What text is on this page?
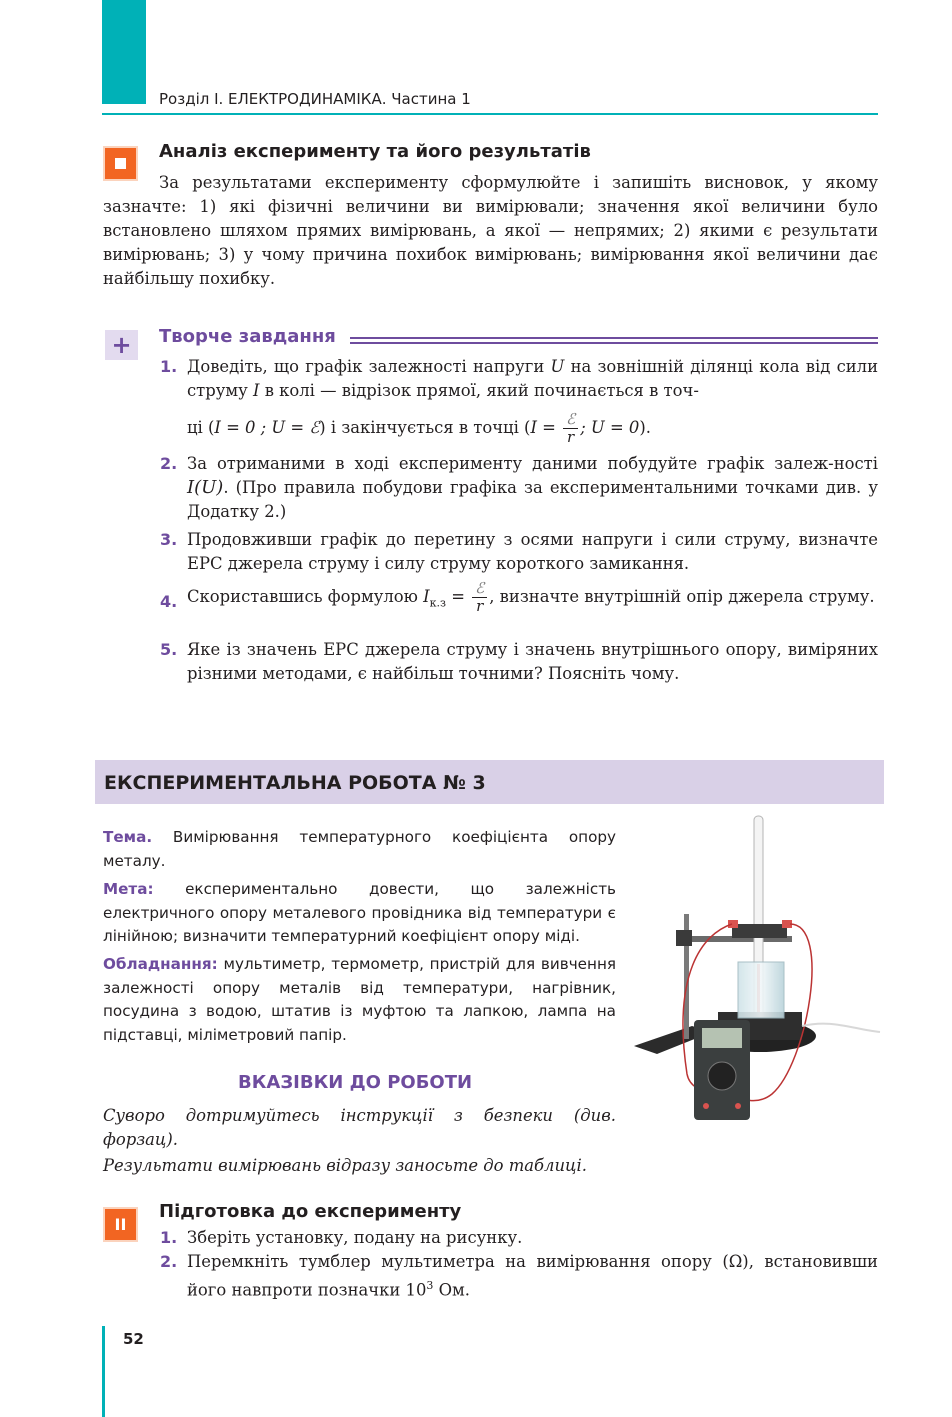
Розділ І. ЕЛЕКТРОДИНАМІКА. Частина 1
Аналіз експерименту та його результатів
За результатами експерименту сформулюйте і запишіть висновок, у якому зазначте: 1) які фізичні величини ви вимірювали; значення якої величини було встановлено шляхом прямих вимірювань, а якої — непрямих; 2) якими є результати вимірювань; 3) у чому причина похибок вимірювань; вимірювання якої величини дає найбільшу похибку.
+	Творче завдання
1. Доведіть, що графік залежності напруги U на зовнішній ділянці кола від сили струму I в колі — відрізок прямої, який починається в точ-
ці (I = 0 ; U = ℰ) і закінчується в точці ($I = \frac{\text{ℰ}}{r}$ ; U = 0).
2. За отриманими в ході експерименту даними побудуйте графік залеж-ності I(U). (Про правила побудови графіка за експериментальними точками див. у Додатку 2.)
3. Продовживши графік до перетину з осями напруги і сили струму, визначте ЕРС джерела струму і силу струму короткого замикання.
4. Скориставшись формулою $I_{к.з} = \frac{\text{ℰ}}{r}$ , визначте внутрішній опір джерела струму.
5. Яке із значень ЕРС джерела струму і значень внутрішнього опору, виміряних різними методами, є найбільш точними? Поясніть чому.
ЕКСПЕРИМЕНТАЛЬНА РОБОТА № 3
Тема. Вимірювання температурного коефіцієнта опору металу.
Мета: експериментально довести, що залежність електричного опору металевого провідника від температури є лінійною; визначити температурний коефіцієнт опору міді.
Обладнання: мультиметр, термометр, пристрій для вивчення залежності опору металів від температури, нагрівник, посудина з водою, штатив із муфтою та лапкою, лампа на підставці, міліметровий папір.
ВКАЗІВКИ ДО РОБОТИ
Суворо дотримуйтесь інструкції з безпеки (див. форзац).
Результати вимірювань відразу заносьте до таблиці.
II
Підготовка до експерименту
1. Зберіть установку, подану на рисунку.
2. Перемкніть тумблер мультиметра на вимірювання опору (Ω), встановивши його навпроти позначки $10^3$ Ом.
52
